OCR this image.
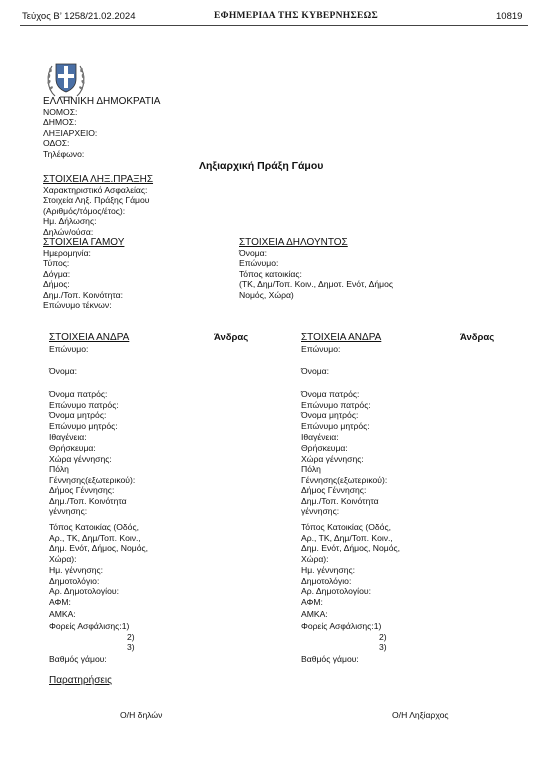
Τεύχος Β’ 1258/21.02.2024	ΕΦΗΜΕΡΙΔΑ ΤΗΣ ΚΥΒΕΡΝΗΣΕΩΣ	10819
ΕΛΛΗΝΙΚΗ ΔΗΜΟΚΡΑΤΙΑ
ΝΟΜΟΣ:
ΔΗΜΟΣ:
ΛΗΞΙΑΡΧΕΙΟ:
ΟΔΟΣ:
Τηλέφωνο:
Ληξιαρχική Πράξη Γάμου
ΣΤΟΙΧΕΙΑ ΛΗΞ.ΠΡΑΞΗΣ
Χαρακτηριστικό Ασφαλείας:
Στοιχεία Ληξ. Πράξης Γάμου
(Αριθμός/τόμος/έτος):
Ημ. Δήλωσης:
Δηλών/ούσα:
ΣΤΟΙΧΕΙΑ ΓΑΜΟΥ
Ημερομηνία:
Τύπος:
Δόγμα:
Δήμος:
Δημ./Τοπ. Κοινότητα:
Επώνυμο τέκνων:
ΣΤΟΙΧΕΙΑ ΔΗΛΟΥΝΤΟΣ
Όνομα:
Επώνυμο:
Τόπος κατοικίας:
(ΤΚ, Δημ/Τοπ. Κοιν., Δημοτ. Ενότ, Δήμος
Νομός, Χώρα)
ΣΤΟΙΧΕΙΑ ΑΝΔΡΑ	Άνδρας
Επώνυμο:
Όνομα:
Όνομα πατρός:
Επώνυμο πατρός:
Όνομα μητρός:
Επώνυμο μητρός:
Ιθαγένεια:
Θρήσκευμα:
Χώρα γέννησης:
Πόλη
Γέννησης(εξωτερικού):
Δήμος Γέννησης:
Δημ./Τοπ. Κοινότητα
γέννησης:
Τόπος Κατοικίας (Οδός,
Αρ., ΤΚ, Δημ/Τοπ. Κοιν.,
Δημ. Ενότ, Δήμος, Νομός,
Χώρα):
Ημ. γέννησης:
Δημοτολόγιο:
Αρ. Δημοτολογίου:
ΑΦΜ:
ΑΜΚΑ:
Φορείς Ασφάλισης:1)
2)
3)
Βαθμός γάμου:
ΣΤΟΙΧΕΙΑ ΑΝΔΡΑ	Άνδρας
Επώνυμο:
Όνομα:
Όνομα πατρός:
Επώνυμο πατρός:
Όνομα μητρός:
Επώνυμο μητρός:
Ιθαγένεια:
Θρήσκευμα:
Χώρα γέννησης:
Πόλη
Γέννησης(εξωτερικού):
Δήμος Γέννησης:
Δημ./Τοπ. Κοινότητα
γέννησης:
Τόπος Κατοικίας (Οδός,
Αρ., ΤΚ, Δημ/Τοπ. Κοιν.,
Δημ. Ενότ, Δήμος, Νομός,
Χώρα):
Ημ. γέννησης:
Δημοτολόγιο:
Αρ. Δημοτολογίου:
ΑΦΜ:
ΑΜΚΑ:
Φορείς Ασφάλισης:1)
2)
3)
Βαθμός γάμου:
Παρατηρήσεις
Ο/Η δηλών	Ο/Η Ληξίαρχος
